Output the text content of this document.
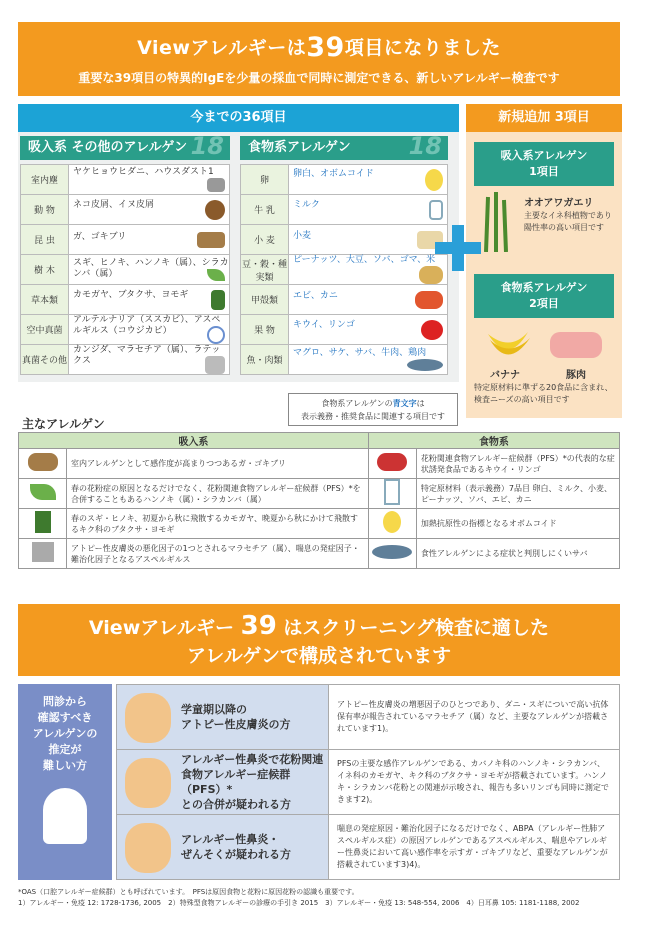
Viewアレルギーは39項目になりました

重要な39項目の特異的IgEを少量の採血で同時に測定できる、新しいアレルギー検査です

今までの36項目
吸入系 その他のアレルゲン 18	食物系アレルゲン 18
室内塵	ヤケヒョウヒダニ、ハウスダスト1

動 物	ネコ皮屑、イヌ皮屑

昆 虫	ガ、ゴキブリ

樹 木	スギ、ヒノキ、ハンノキ（属）、シラカンバ（属）

草本類	カモガヤ、ブタクサ、ヨモギ

空中真菌	アルテルナリア（ススカビ）、アスペルギルス（コウジカビ）

真菌その他	カンジダ、マラセチア（属）、ラテックス
卵	卵白、オボムコイド

牛 乳	ミルク

小 麦	小麦

豆・穀・種実類	ピーナッツ、大豆、ソバ、ゴマ、米

甲殻類	エビ、カニ

果 物	キウイ、リンゴ

魚・肉類	マグロ、サケ、サバ、牛肉、鶏肉
食物系アレルゲンの青文字は
表示義務・推奨食品に関連する項目です
新規追加 3項目
吸入系アレルゲン
1項目
オオアワガエリ
主要なイネ科植物であり陽性率の高い項目です
食物系アレルゲン
2項目
バナナ	豚肉
特定原材料に準ずる20食品に含まれ、検査ニーズの高い項目です
主なアレルゲン
吸入系		食物系	
	室内アレルゲンとして感作度が高まりつつあるガ・ゴキブリ		花粉関連食物アレルギー症候群（PFS）*の代表的な症状誘発食品であるキウイ・リンゴ
	春の花粉症の原因となるだけでなく、花粉関連食物アレルギー症候群（PFS）*を合併することもあるハンノキ（属）・シラカンバ（属）		特定原材料（表示義務）7品目 卵白、ミルク、小麦、ピーナッツ、ソバ、エビ、カニ
	春のスギ・ヒノキ、初夏から秋に飛散するカモガヤ、晩夏から秋にかけて飛散するキク科のブタクサ・ヨモギ		加熱抗原性の指標となるオボムコイド
	アトピー性皮膚炎の悪化因子の1つとされるマラセチア（属）、喘息の発症因子・難治化因子となるアスペルギルス		食性アレルゲンによる症状と判別しにくいサバ
Viewアレルギー 39 はスクリーニング検査に適した
アレルゲンで構成されています

問診から
確認すべき
アレルゲンの
推定が
難しい方

学童期以降の
アトピー性皮膚炎の方	アトピー性皮膚炎の増悪因子のひとつであり、ダニ・スギについで高い抗体保有率が報告されているマラセチア（属）など、主要なアレルゲンが搭載されています1)。

アレルギー性鼻炎で花粉関連
食物アレルギー症候群（PFS）*
との合併が疑われる方	PFSの主要な感作アレルゲンである、カバノキ科のハンノキ・シラカンバ、イネ科のカモガヤ、キク科のブタクサ・ヨモギが搭載されています。ハンノキ・シラカンバ花粉との関連が示唆され、報告も多いリンゴも同時に測定できます2)。

アレルギー性鼻炎・
ぜんそくが疑われる方	喘息の発症原因・難治化因子になるだけでなく、ABPA（アレルギー性肺アスペルギルス症）の原因アレルゲンであるアスペルギルス、喘息やアレルギー性鼻炎において高い感作率を示すガ・ゴキブリなど、重要なアレルゲンが搭載されています3)4)。
*OAS（口腔アレルギー症候群）とも呼ばれています。　PFSは原因食物と花粉に原因花粉の認識も重要です。
1）アレルギー・免疫 12: 1728-1736, 2005　2）特殊型食物アレルギーの診療の手引き 2015　3）アレルギー・免疫 13: 548-554, 2006　4）日耳鼻 105: 1181-1188, 2002
